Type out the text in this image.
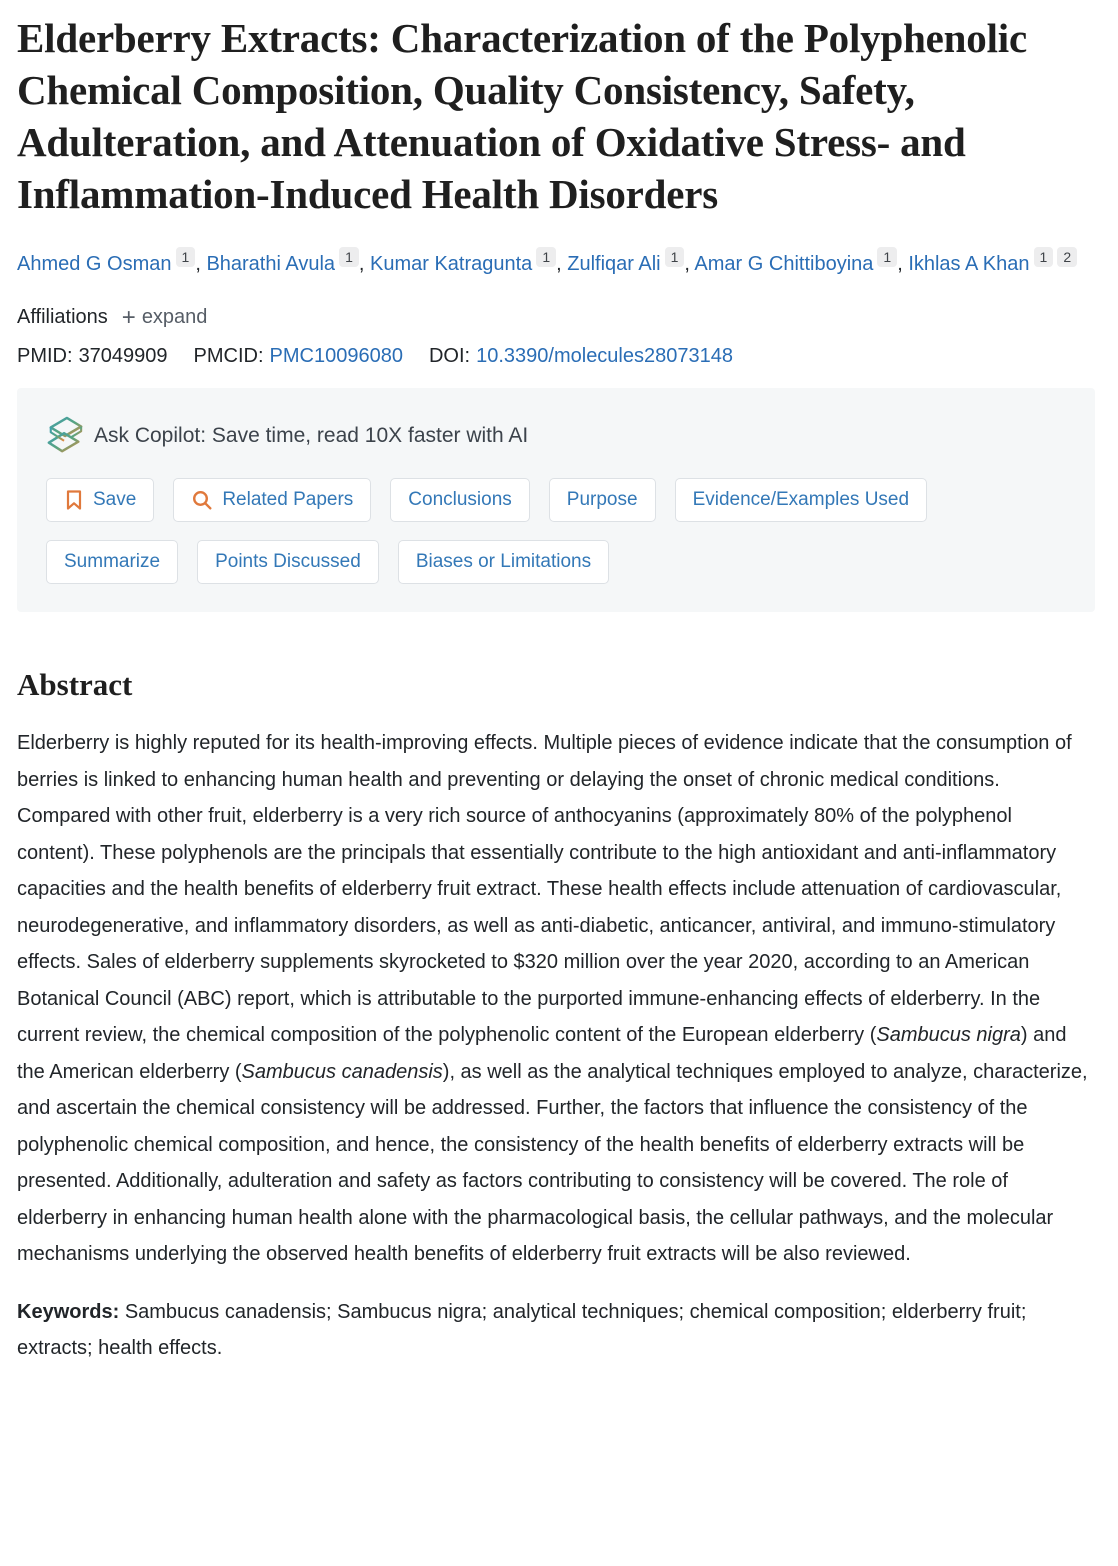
Elderberry Extracts: Characterization of the Polyphenolic Chemical Composition, Quality Consistency, Safety, Adulteration, and Attenuation of Oxidative Stress- and Inflammation-Induced Health Disorders
Ahmed G Osman $^1$ , Bharathi Avula $^1$ , Kumar Katragunta $^1$ , Zulfiqar Ali $^1$ , Amar G Chittiboyina $^1$ , Ikhlas A Khan $^1$ $^2$
Affiliations + expand
PMID: 37049909 PMCID: PMC10096080 DOI: 10.3390/molecules28073148
Ask Copilot: Save time, read 10X faster with AI
Save	Related Papers	Conclusions	Purpose	Evidence/Examples Used
Summarize	Points Discussed	Biases or Limitations
Abstract

Elderberry is highly reputed for its health-improving effects. Multiple pieces of evidence indicate that the consumption of berries is linked to enhancing human health and preventing or delaying the onset of chronic medical conditions. Compared with other fruit, elderberry is a very rich source of anthocyanins (approximately 80% of the polyphenol content). These polyphenols are the principals that essentially contribute to the high antioxidant and anti-inflammatory capacities and the health benefits of elderberry fruit extract. These health effects include attenuation of cardiovascular, neurodegenerative, and inflammatory disorders, as well as anti-diabetic, anticancer, antiviral, and immuno-stimulatory effects. Sales of elderberry supplements skyrocketed to $320 million over the year 2020, according to an American Botanical Council (ABC) report, which is attributable to the purported immune-enhancing effects of elderberry. In the current review, the chemical composition of the polyphenolic content of the European elderberry (Sambucus nigra) and the American elderberry (Sambucus canadensis), as well as the analytical techniques employed to analyze, characterize, and ascertain the chemical consistency will be addressed. Further, the factors that influence the consistency of the polyphenolic chemical composition, and hence, the consistency of the health benefits of elderberry extracts will be presented. Additionally, adulteration and safety as factors contributing to consistency will be covered. The role of elderberry in enhancing human health alone with the pharmacological basis, the cellular pathways, and the molecular mechanisms underlying the observed health benefits of elderberry fruit extracts will be also reviewed.

Keywords: Sambucus canadensis; Sambucus nigra; analytical techniques; chemical composition; elderberry fruit; extracts; health effects.
